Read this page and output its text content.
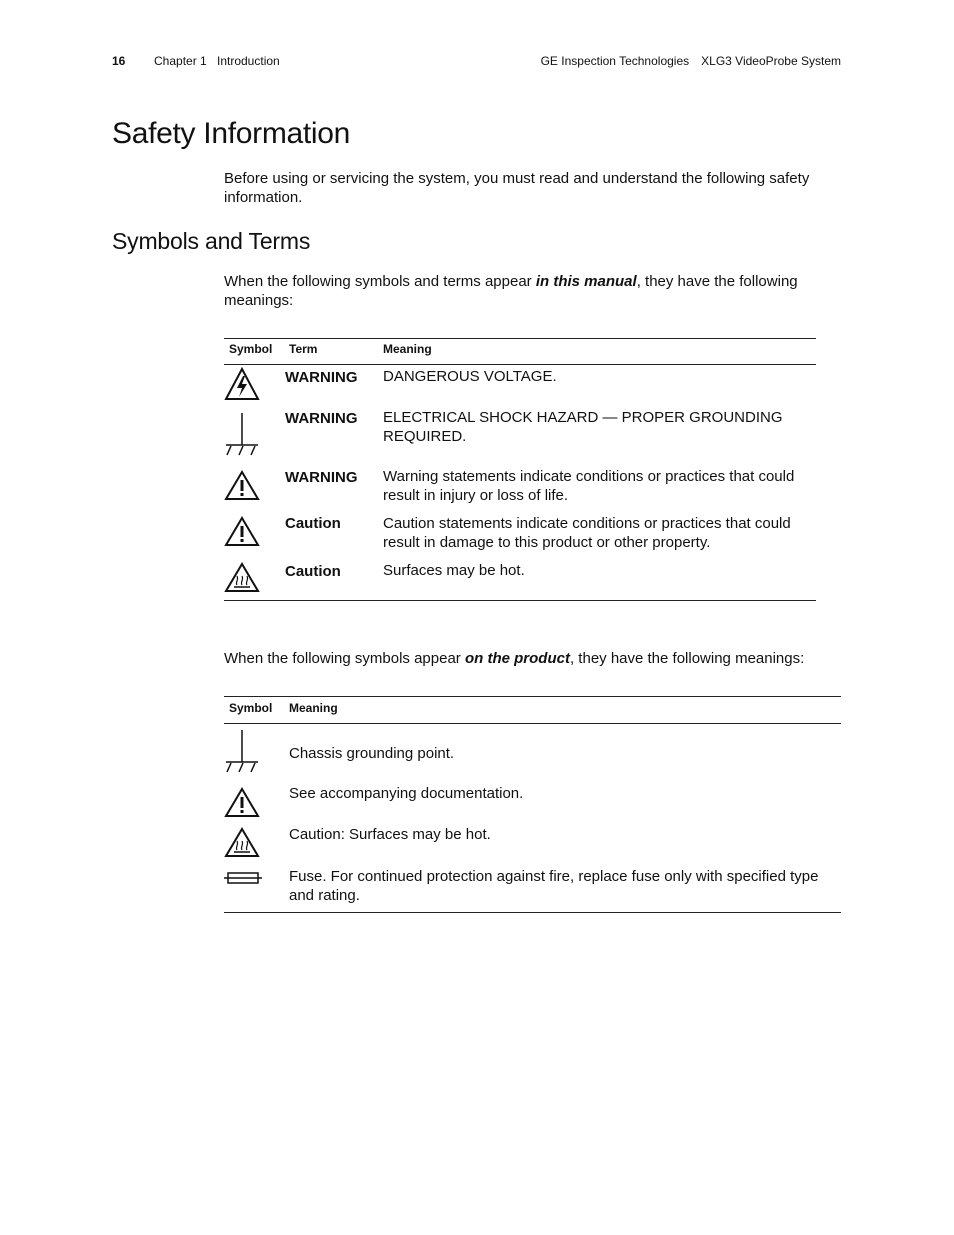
16 Chapter 1 Introduction	GE Inspection Technologies XLG3 VideoProbe System
Safety Information

Before using or servicing the system, you must read and understand the following safety information.

Symbols and Terms

When the following symbols and terms appear in this manual, they have the following meanings:

Symbol Term	Meaning
WARNING DANGEROUS VOLTAGE.
WARNING ELECTRICAL SHOCK HAZARD — PROPER GROUNDING REQUIRED.
WARNING Warning statements indicate conditions or practices that could result in injury or loss of life.
Caution	Caution statements indicate conditions or practices that could result in damage to this product or other property.
Caution	Surfaces may be hot.

When the following symbols appear on the product, they have the following meanings:

Symbol Meaning
Chassis grounding point.
See accompanying documentation.
Caution: Surfaces may be hot.
Fuse. For continued protection against fire, replace fuse only with specified type and rating.
